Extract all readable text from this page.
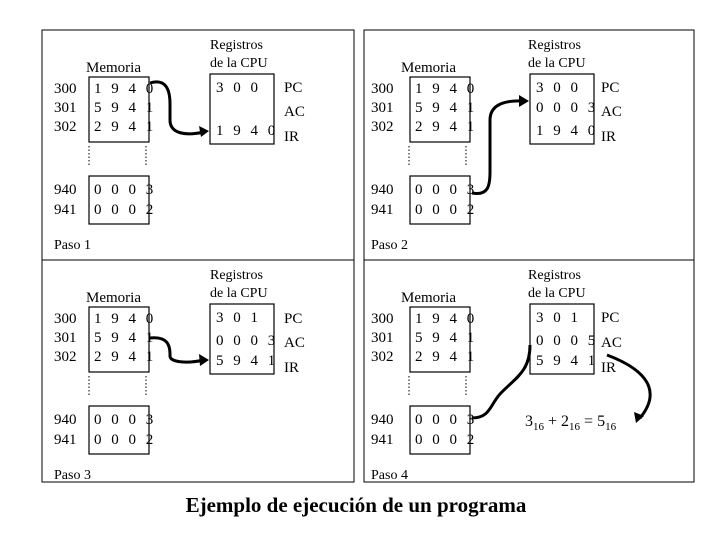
Memoria
300
301
302
1 9 4 0
5 9 4 1
2 9 4 1
940
941
0 0 0 3
0 0 0 2
Registros
de la CPU
3 0 0
1 9 4 0
PC
AC
IR
Paso 1
Memoria
300
301
302
1 9 4 0
5 9 4 1
2 9 4 1
940
941
0 0 0 3
0 0 0 2
Registros
de la CPU
3 0 0
0 0 0 3
1 9 4 0
PC
AC
IR
Paso 2
Memoria
300
301
302
1 9 4 0
5 9 4 1
2 9 4 1
940
941
0 0 0 3
0 0 0 2
Registros
de la CPU
3 0 1
0 0 0 3
5 9 4 1
PC
AC
IR
Paso 3
Memoria
300
301
302
1 9 4 0
5 9 4 1
2 9 4 1
940
941
0 0 0 3
0 0 0 2
Registros
de la CPU
3 0 1
0 0 0 5
5 9 4 1
PC
AC
IR
$3_{16} + 2_{16} = 5_{16}$
Paso 4
Ejemplo de ejecución de un programa
